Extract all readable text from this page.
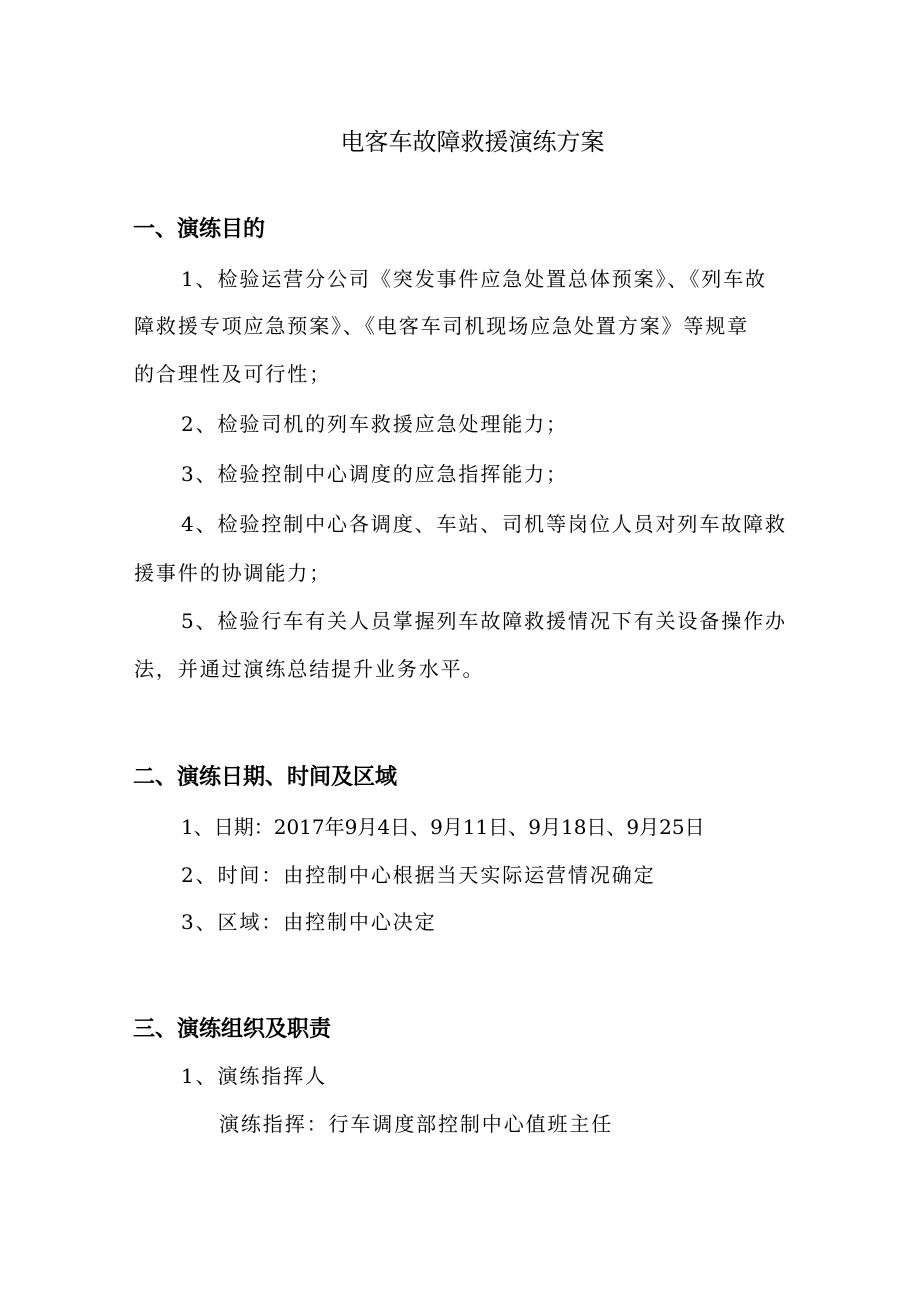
电客车故障救援演练方案
一、演练目的

1、检验运营分公司《突发事件应急处置总体预案》、《列车故

障救援专项应急预案》、《电客车司机现场应急处置方案》等规章

的合理性及可行性；

2、检验司机的列车救援应急处理能力；

3、检验控制中心调度的应急指挥能力；

4、检验控制中心各调度、车站、司机等岗位人员对列车故障救

援事件的协调能力；

5、检验行车有关人员掌握列车故障救援情况下有关设备操作办

法，并通过演练总结提升业务水平。

二、演练日期、时间及区域

1、日期：2017年9月4日、9月11日、9月18日、9月25日

2、时间：由控制中心根据当天实际运营情况确定

3、区域：由控制中心决定

三、演练组织及职责

1、演练指挥人

演练指挥：行车调度部控制中心值班主任
